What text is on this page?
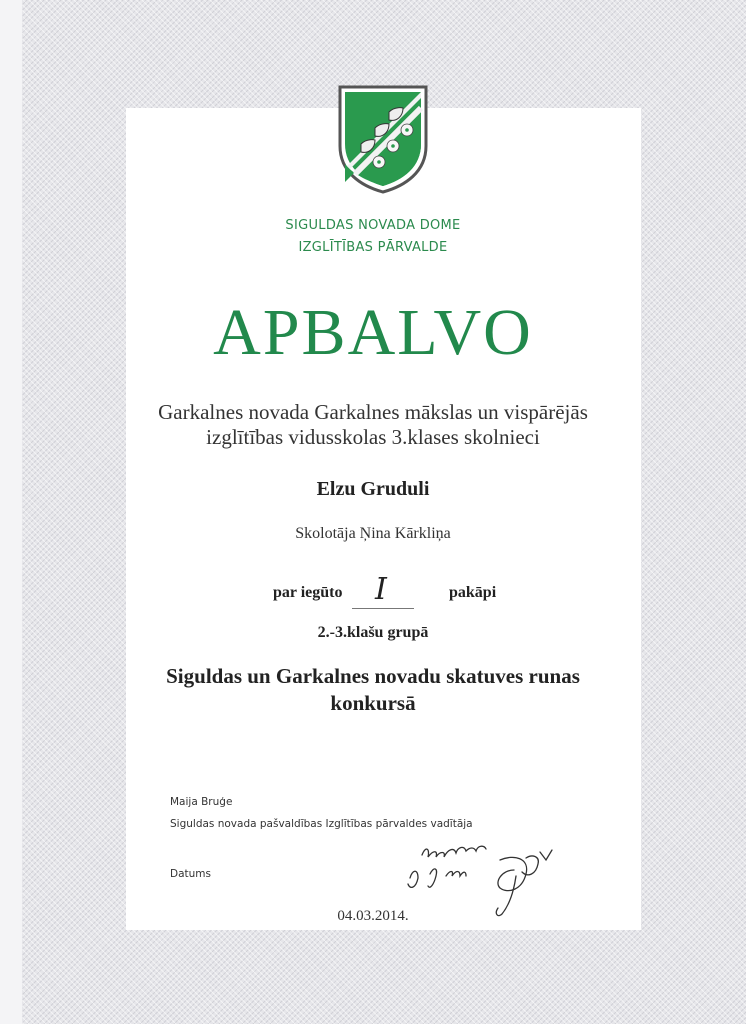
SIGULDAS NOVADA DOME
IZGLĪTĪBAS PĀRVALDE
APBALVO
Garkalnes novada Garkalnes mākslas un vispārējās
izglītības vidusskolas 3.klases skolnieci
Elzu Gruduli
Skolotāja Ņina Kārkliņa
par iegūto I	pakāpi
2.-3.klašu grupā
Siguldas un Garkalnes novadu skatuves runas
konkursā
Maija Bruģe
Siguldas novada pašvaldības Izglītības pārvaldes vadītāja
Datums
04.03.2014.
